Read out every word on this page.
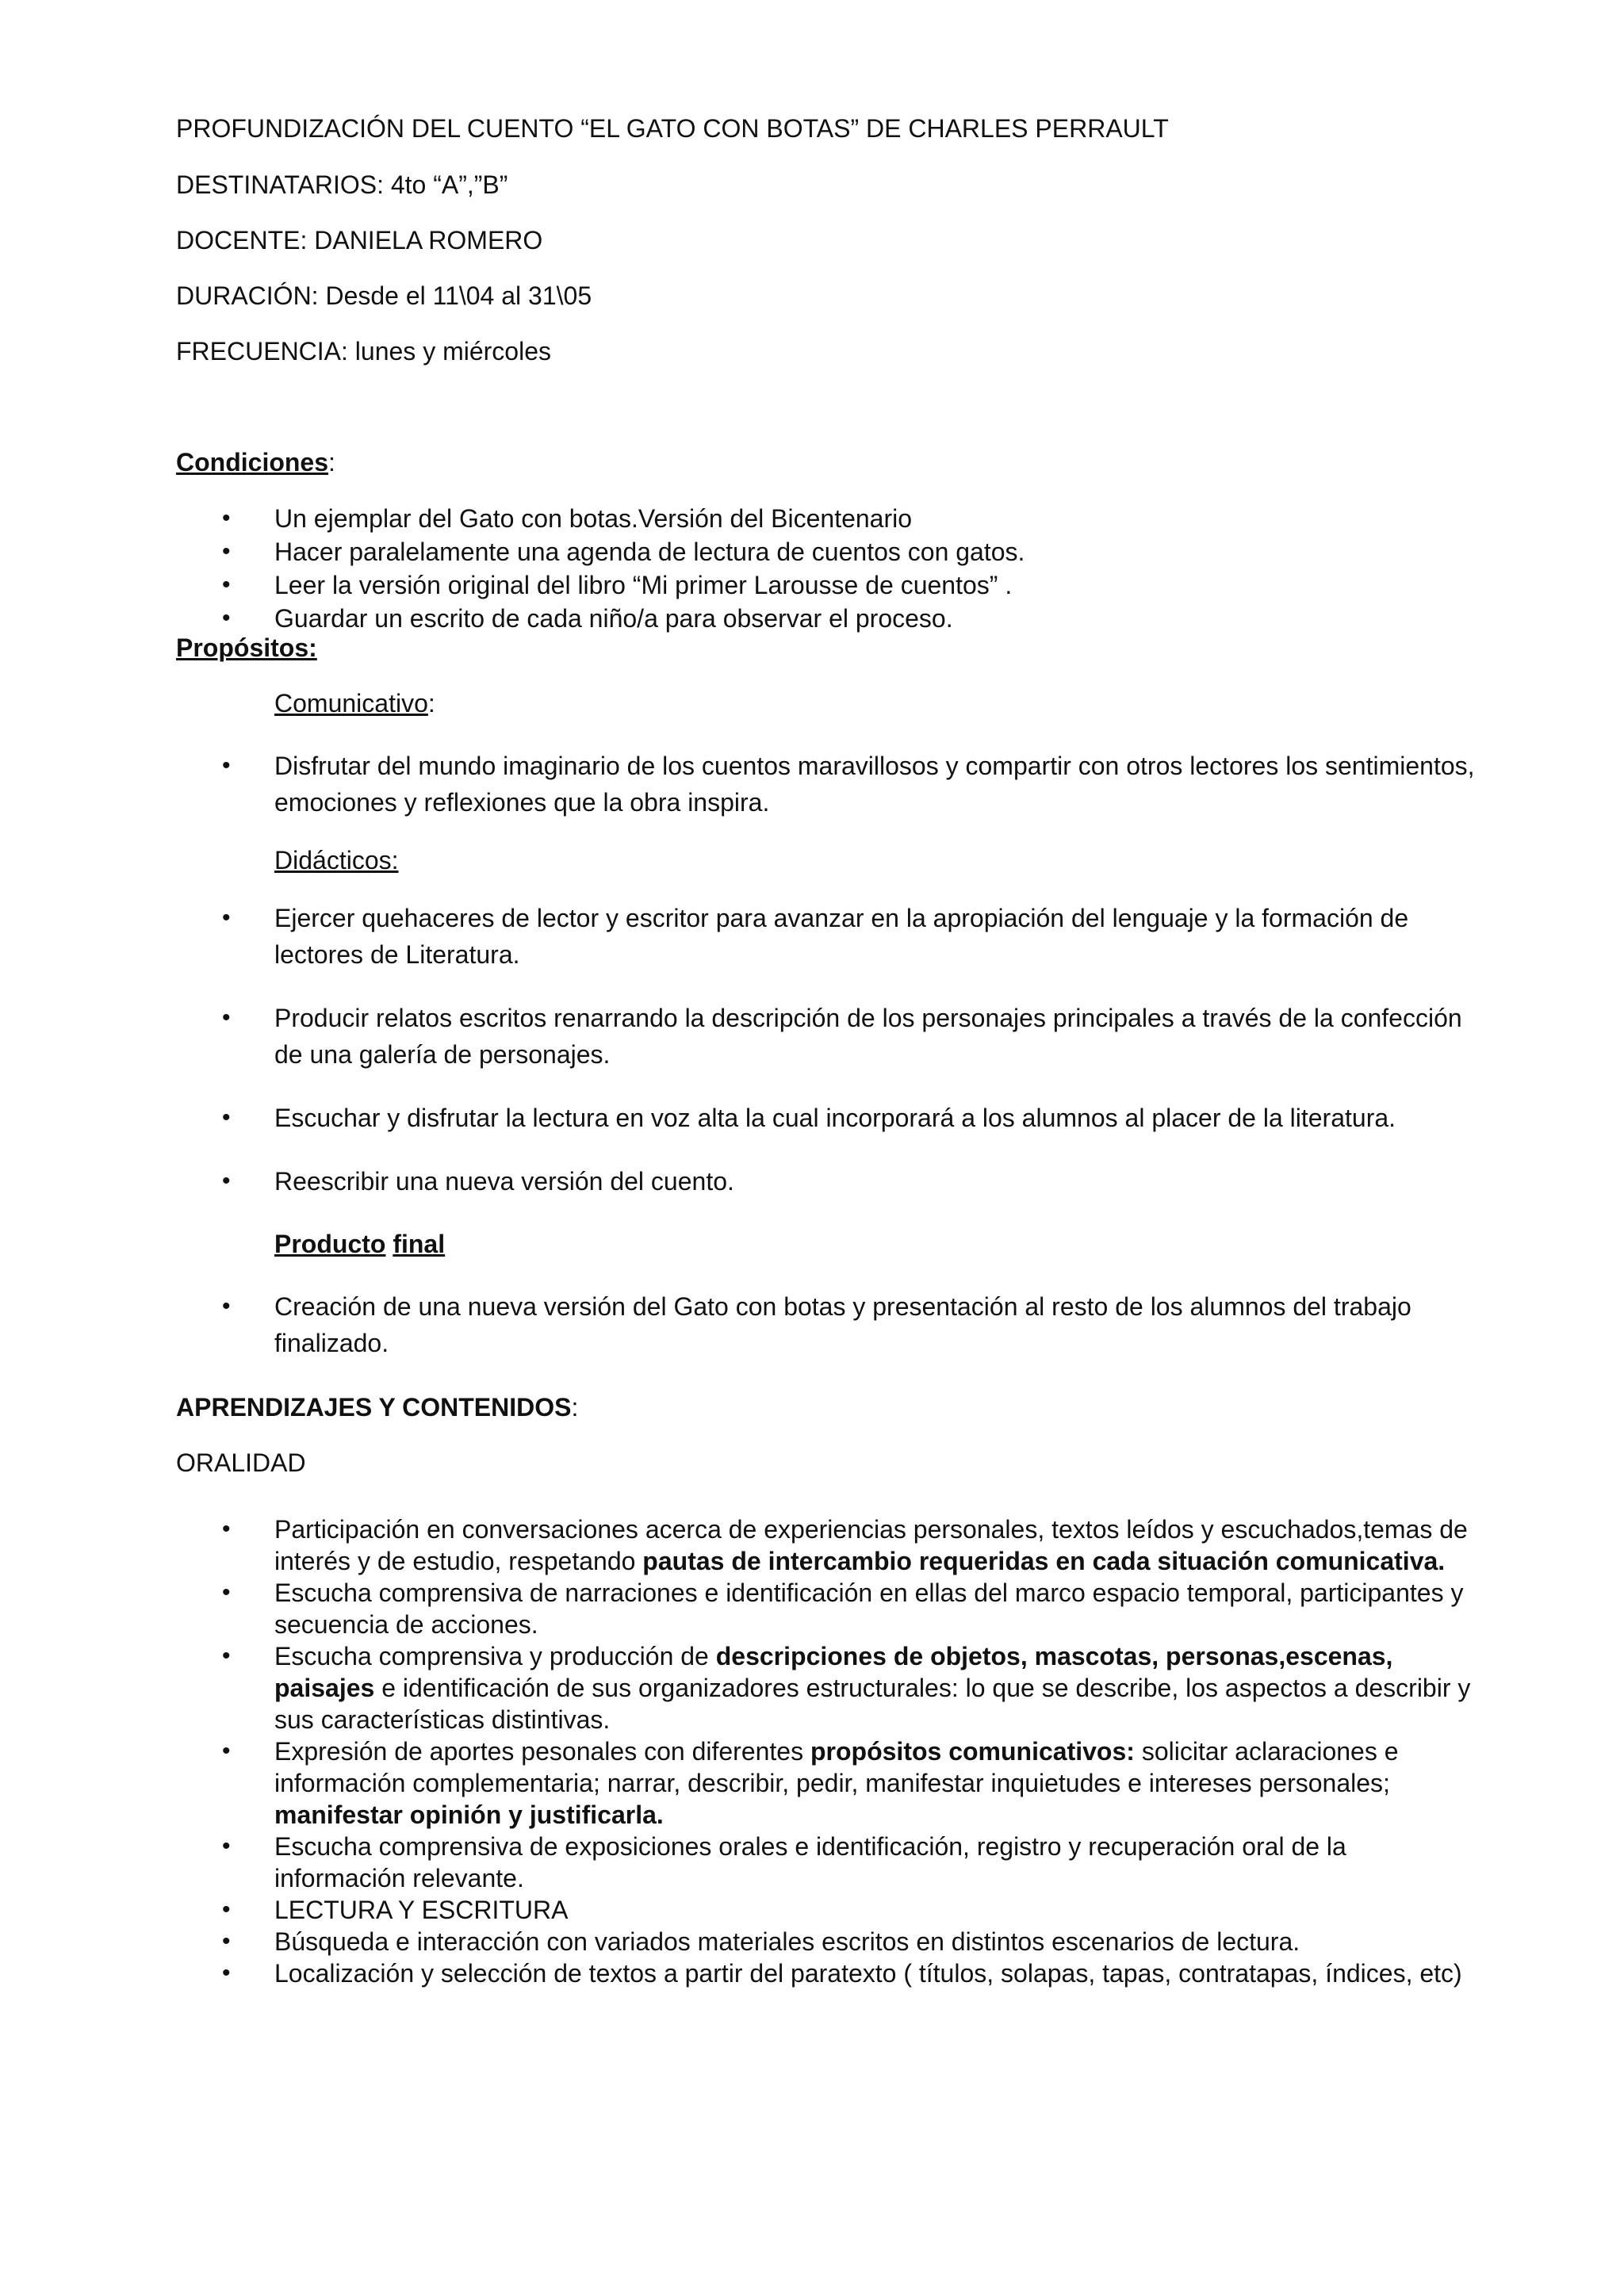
PROFUNDIZACIÓN DEL CUENTO “EL GATO CON BOTAS” DE CHARLES PERRAULT

DESTINATARIOS: 4to “A”,”B”

DOCENTE: DANIELA ROMERO

DURACIÓN: Desde el 11\04 al 31\05

FRECUENCIA: lunes y miércoles

Condiciones:

• Un ejemplar del Gato con botas.Versión del Bicentenario
• Hacer paralelamente una agenda de lectura de cuentos con gatos.
• Leer la versión original del libro “Mi primer Larousse de cuentos” .
• Guardar un escrito de cada niño/a para observar el proceso.

Propósitos:

Comunicativo:

• Disfrutar del mundo imaginario de los cuentos maravillosos y compartir con otros lectores los sentimientos, emociones y reflexiones que la obra inspira.

Didácticos:

• Ejercer quehaceres de lector y escritor para avanzar en la apropiación del lenguaje y la formación de lectores de Literatura.
• Producir relatos escritos renarrando la descripción de los personajes principales a través de la confección de una galería de personajes.
• Escuchar y disfrutar la lectura en voz alta la cual incorporará a los alumnos al placer de la literatura.
• Reescribir una nueva versión del cuento.

Producto final

• Creación de una nueva versión del Gato con botas y presentación al resto de los alumnos del trabajo finalizado.

APRENDIZAJES Y CONTENIDOS:

ORALIDAD

• Participación en conversaciones acerca de experiencias personales, textos leídos y escuchados,temas de interés y de estudio, respetando pautas de intercambio requeridas en cada situación comunicativa.
• Escucha comprensiva de narraciones e identificación en ellas del marco espacio temporal, participantes y secuencia de acciones.
• Escucha comprensiva y producción de descripciones de objetos, mascotas, personas,escenas, paisajes e identificación de sus organizadores estructurales: lo que se describe, los aspectos a describir y sus características distintivas.
• Expresión de aportes pesonales con diferentes propósitos comunicativos: solicitar aclaraciones e información complementaria; narrar, describir, pedir, manifestar inquietudes e intereses personales; manifestar opinión y justificarla.
• Escucha comprensiva de exposiciones orales e identificación, registro y recuperación oral de la información relevante.
• LECTURA Y ESCRITURA
• Búsqueda e interacción con variados materiales escritos en distintos escenarios de lectura.
• Localización y selección de textos a partir del paratexto ( títulos, solapas, tapas, contratapas, índices, etc)
